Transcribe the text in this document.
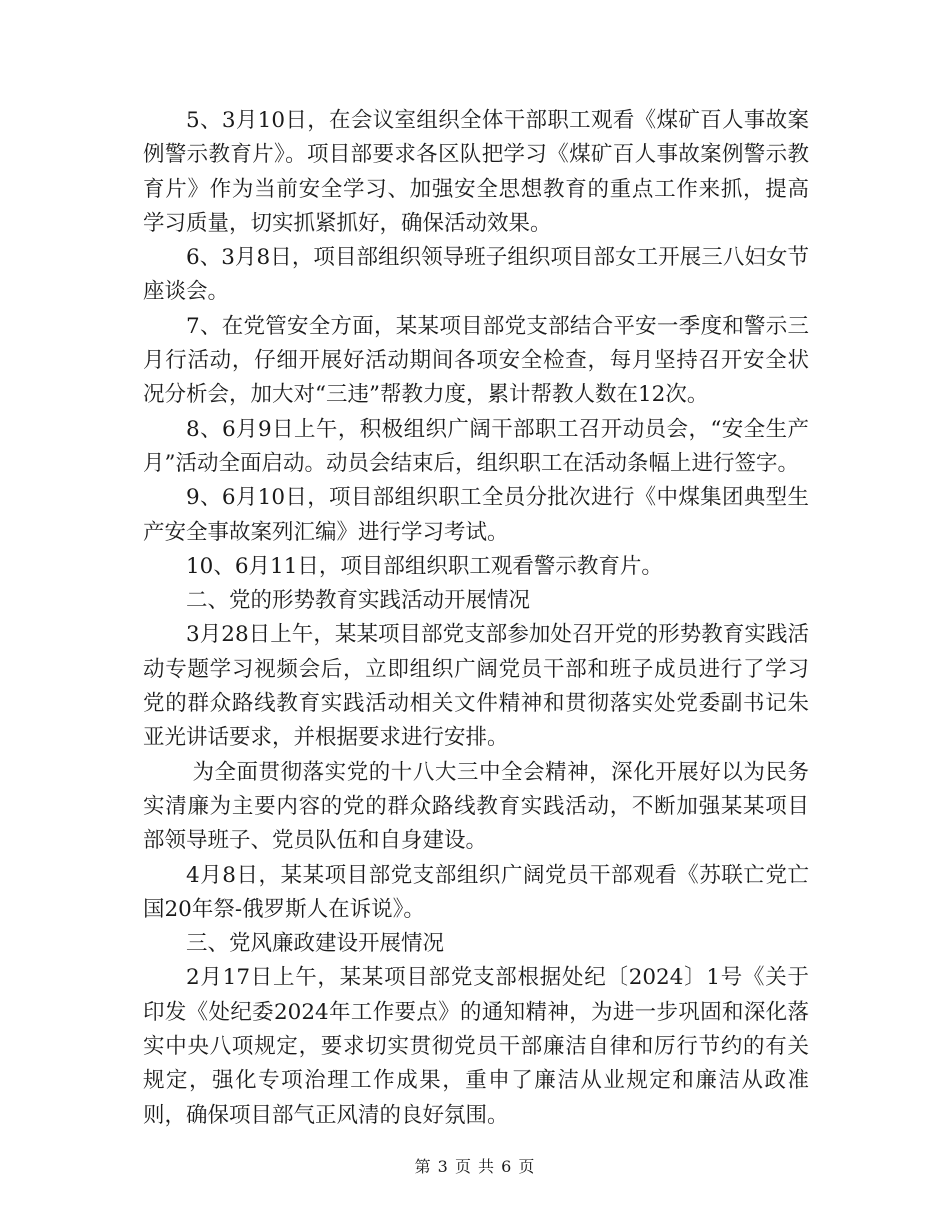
5、3月10日，在会议室组织全体干部职工观看《煤矿百人事故案例警示教育片》。项目部要求各区队把学习《煤矿百人事故案例警示教育片》作为当前安全学习、加强安全思想教育的重点工作来抓，提高学习质量，切实抓紧抓好，确保活动效果。

6、3月8日，项目部组织领导班子组织项目部女工开展三八妇女节座谈会。

7、在党管安全方面，某某项目部党支部结合平安一季度和警示三月行活动，仔细开展好活动期间各项安全检查，每月坚持召开安全状况分析会，加大对“三违”帮教力度，累计帮教人数在12次。

8、6月9日上午，积极组织广阔干部职工召开动员会，“安全生产月”活动全面启动。动员会结束后，组织职工在活动条幅上进行签字。

9、6月10日，项目部组织职工全员分批次进行《中煤集团典型生产安全事故案列汇编》进行学习考试。

10、6月11日，项目部组织职工观看警示教育片。

二、党的形势教育实践活动开展情况

3月28日上午，某某项目部党支部参加处召开党的形势教育实践活动专题学习视频会后，立即组织广阔党员干部和班子成员进行了学习党的群众路线教育实践活动相关文件精神和贯彻落实处党委副书记朱亚光讲话要求，并根据要求进行安排。

为全面贯彻落实党的十八大三中全会精神，深化开展好以为民务实清廉为主要内容的党的群众路线教育实践活动，不断加强某某项目部领导班子、党员队伍和自身建设。

4月8日，某某项目部党支部组织广阔党员干部观看《苏联亡党亡国20年祭-俄罗斯人在诉说》。

三、党风廉政建设开展情况

2月17日上午，某某项目部党支部根据处纪〔2024〕1号《关于印发《处纪委2024年工作要点》的通知精神，为进一步巩固和深化落实中央八项规定，要求切实贯彻党员干部廉洁自律和厉行节约的有关规定，强化专项治理工作成果，重申了廉洁从业规定和廉洁从政准则，确保项目部气正风清的良好氛围。

第 3 页 共 6 页
